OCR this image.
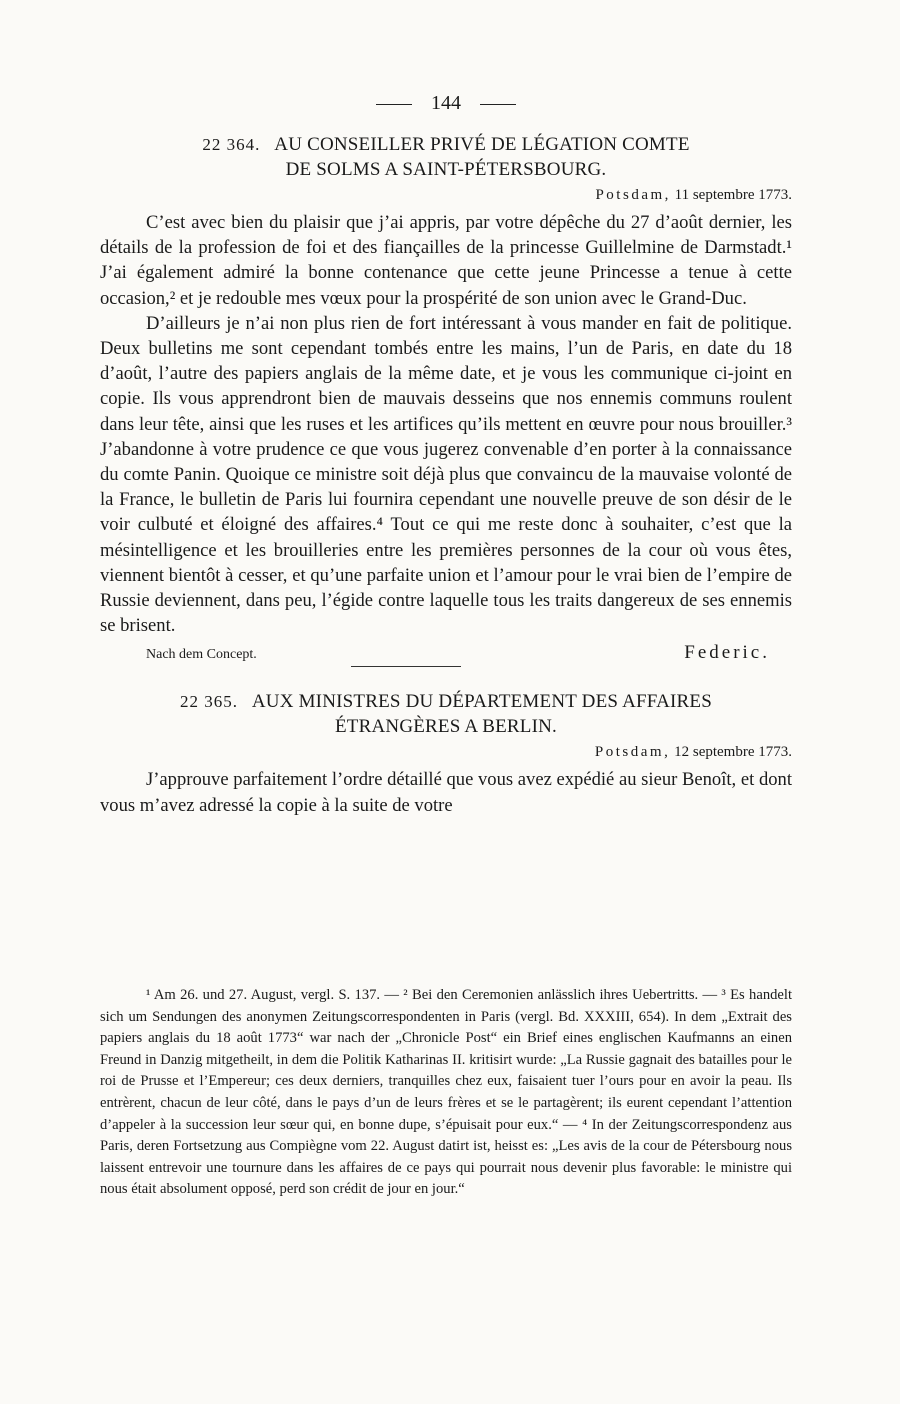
144
22 364. AU CONSEILLER PRIVÉ DE LÉGATION COMTE
DE SOLMS A SAINT-PÉTERSBOURG.
Potsdam, 11 septembre 1773.

C’est avec bien du plaisir que j’ai appris, par votre dépêche du 27 d’août dernier, les détails de la profession de foi et des fiançailles de la princesse Guillelmine de Darmstadt.¹ J’ai également admiré la bonne contenance que cette jeune Princesse a tenue à cette occasion,² et je redouble mes vœux pour la prospérité de son union avec le Grand-Duc.

D’ailleurs je n’ai non plus rien de fort intéressant à vous mander en fait de politique. Deux bulletins me sont cependant tombés entre les mains, l’un de Paris, en date du 18 d’août, l’autre des papiers anglais de la même date, et je vous les communique ci-joint en copie. Ils vous apprendront bien de mauvais desseins que nos ennemis communs roulent dans leur tête, ainsi que les ruses et les artifices qu’ils mettent en œuvre pour nous brouiller.³ J’abandonne à votre prudence ce que vous jugerez convenable d’en porter à la connaissance du comte Panin. Quoique ce ministre soit déjà plus que convaincu de la mauvaise volonté de la France, le bulletin de Paris lui fournira cependant une nouvelle preuve de son désir de le voir culbuté et éloigné des affaires.⁴ Tout ce qui me reste donc à souhaiter, c’est que la mésintelligence et les brouilleries entre les premières personnes de la cour où vous êtes, viennent bientôt à cesser, et qu’une parfaite union et l’amour pour le vrai bien de l’empire de Russie deviennent, dans peu, l’égide contre laquelle tous les traits dangereux de ses ennemis se brisent.

Nach dem Concept.	Federic.
22 365. AUX MINISTRES DU DÉPARTEMENT DES AFFAIRES
ÉTRANGÈRES A BERLIN.
Potsdam, 12 septembre 1773.

J’approuve parfaitement l’ordre détaillé que vous avez expédié au sieur Benoît, et dont vous m’avez adressé la copie à la suite de votre

¹ Am 26. und 27. August, vergl. S. 137. — ² Bei den Ceremonien anlässlich ihres Uebertritts. — ³ Es handelt sich um Sendungen des anonymen Zeitungscorrespondenten in Paris (vergl. Bd. XXXIII, 654). In dem „Extrait des papiers anglais du 18 août 1773“ war nach der „Chronicle Post“ ein Brief eines englischen Kaufmanns an einen Freund in Danzig mitgetheilt, in dem die Politik Katharinas II. kritisirt wurde: „La Russie gagnait des batailles pour le roi de Prusse et l’Empereur; ces deux derniers, tranquilles chez eux, faisaient tuer l’ours pour en avoir la peau. Ils entrèrent, chacun de leur côté, dans le pays d’un de leurs frères et se le partagèrent; ils eurent cependant l’attention d’appeler à la succession leur sœur qui, en bonne dupe, s’épuisait pour eux.“ — ⁴ In der Zeitungscorrespondenz aus Paris, deren Fortsetzung aus Compiègne vom 22. August datirt ist, heisst es: „Les avis de la cour de Pétersbourg nous laissent entrevoir une tournure dans les affaires de ce pays qui pourrait nous devenir plus favorable: le ministre qui nous était absolument opposé, perd son crédit de jour en jour.“
